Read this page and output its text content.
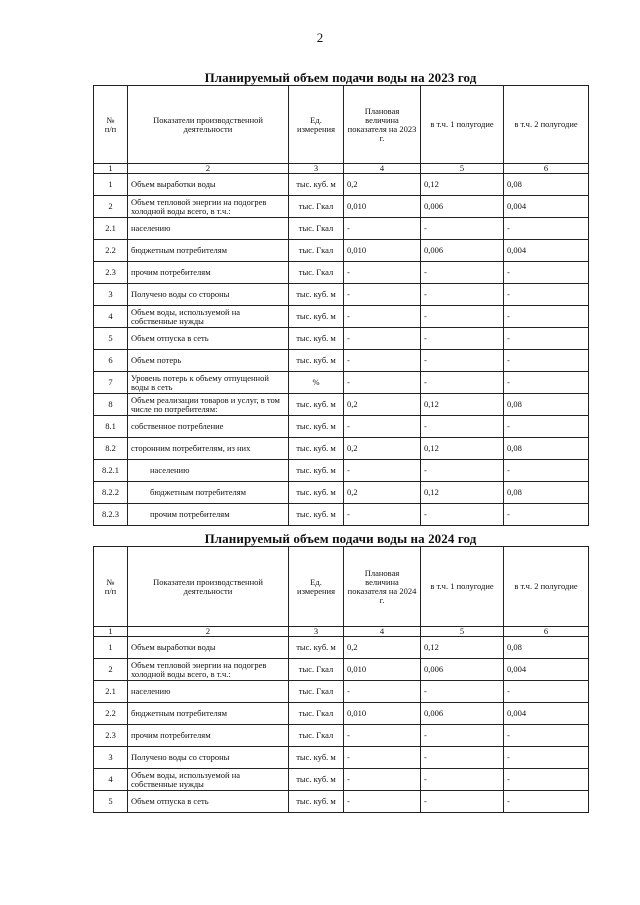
2
Планируемый объем подачи воды на 2023 год
№
п/п	Показатели производственной деятельности	Ед. измерения	Плановая величина показателя на 2023 г.	в т.ч. 1 полугодие	в т.ч. 2 полугодие
1	2	3	4	5	6
1	Объем выработки воды	тыс. куб. м	0,2	0,12	0,08
2	Объем тепловой энергии на подогрев холодной воды всего, в т.ч.:	тыс. Гкал	0,010	0,006	0,004
2.1	населению	тыс. Гкал	-	-	-
2.2	бюджетным потребителям	тыс. Гкал	0,010	0,006	0,004
2.3	прочим потребителям	тыс. Гкал	-	-	-
3	Получено воды со стороны	тыс. куб. м	-	-	-
4	Объем воды, используемой на собственные нужды	тыс. куб. м	-	-	-
5	Объем отпуска в сеть	тыс. куб. м	-	-	-
6	Объем потерь	тыс. куб. м	-	-	-
7	Уровень потерь к объему отпущенной воды в сеть	%	-	-	-
8	Объем реализации товаров и услуг, в том числе по потребителям:	тыс. куб. м	0,2	0,12	0,08
8.1	собственное потребление	тыс. куб. м	-	-	-
8.2	сторонним потребителям, из них	тыс. куб. м	0,2	0,12	0,08
8.2.1	населению	тыс. куб. м	-	-	-
8.2.2	бюджетным потребителям	тыс. куб. м	0,2	0,12	0,08
8.2.3	прочим потребителям	тыс. куб. м	-	-	-
Планируемый объем подачи воды на 2024 год
№
п/п	Показатели производственной деятельности	Ед. измерения	Плановая величина показателя на 2024 г.	в т.ч. 1 полугодие	в т.ч. 2 полугодие
1	2	3	4	5	6
1	Объем выработки воды	тыс. куб. м	0,2	0,12	0,08
2	Объем тепловой энергии на подогрев холодной воды всего, в т.ч.:	тыс. Гкал	0,010	0,006	0,004
2.1	населению	тыс. Гкал	-	-	-
2.2	бюджетным потребителям	тыс. Гкал	0,010	0,006	0,004
2.3	прочим потребителям	тыс. Гкал	-	-	-
3	Получено воды со стороны	тыс. куб. м	-	-	-
4	Объем воды, используемой на собственные нужды	тыс. куб. м	-	-	-
5	Объем отпуска в сеть	тыс. куб. м	-	-	-
